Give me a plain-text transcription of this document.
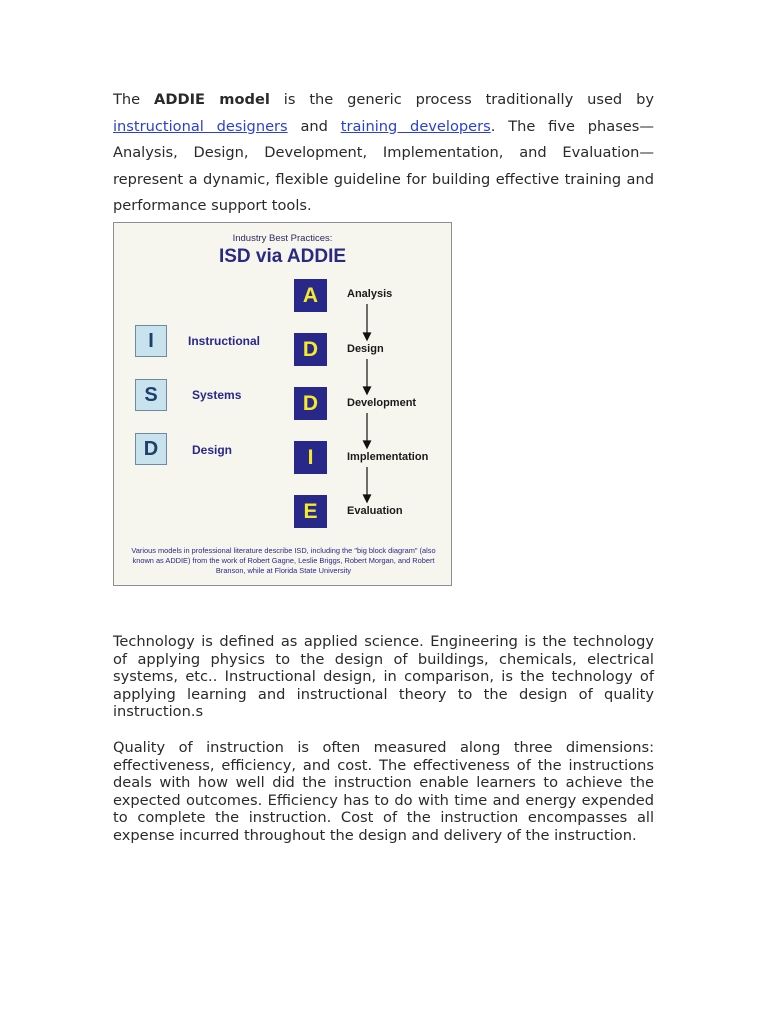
The ADDIE model is the generic process traditionally used by instructional designers and training developers. The five phases—Analysis, Design, Development, Implementation, and Evaluation—represent a dynamic, flexible guideline for building effective training and performance support tools.

Industry Best Practices:
ISD via ADDIE
I	Instructional
S	Systems
D	Design
A	Analysis
D	Design
D	Development
I	Implementation
E	Evaluation
Various models in professional literature describe ISD, including the "big block diagram" (also known as ADDIE) from the work of Robert Gagne, Leslie Briggs, Robert Morgan, and Robert Branson, while at Florida State University

Technology is defined as applied science. Engineering is the technology of applying physics to the design of buildings, chemicals, electrical systems, etc.. Instructional design, in comparison, is the technology of applying learning and instructional theory to the design of quality instruction.s

Quality of instruction is often measured along three dimensions: effectiveness, efficiency, and cost. The effectiveness of the instructions deals with how well did the instruction enable learners to achieve the expected outcomes. Efficiency has to do with time and energy expended to complete the instruction. Cost of the instruction encompasses all expense incurred throughout the design and delivery of the instruction.
